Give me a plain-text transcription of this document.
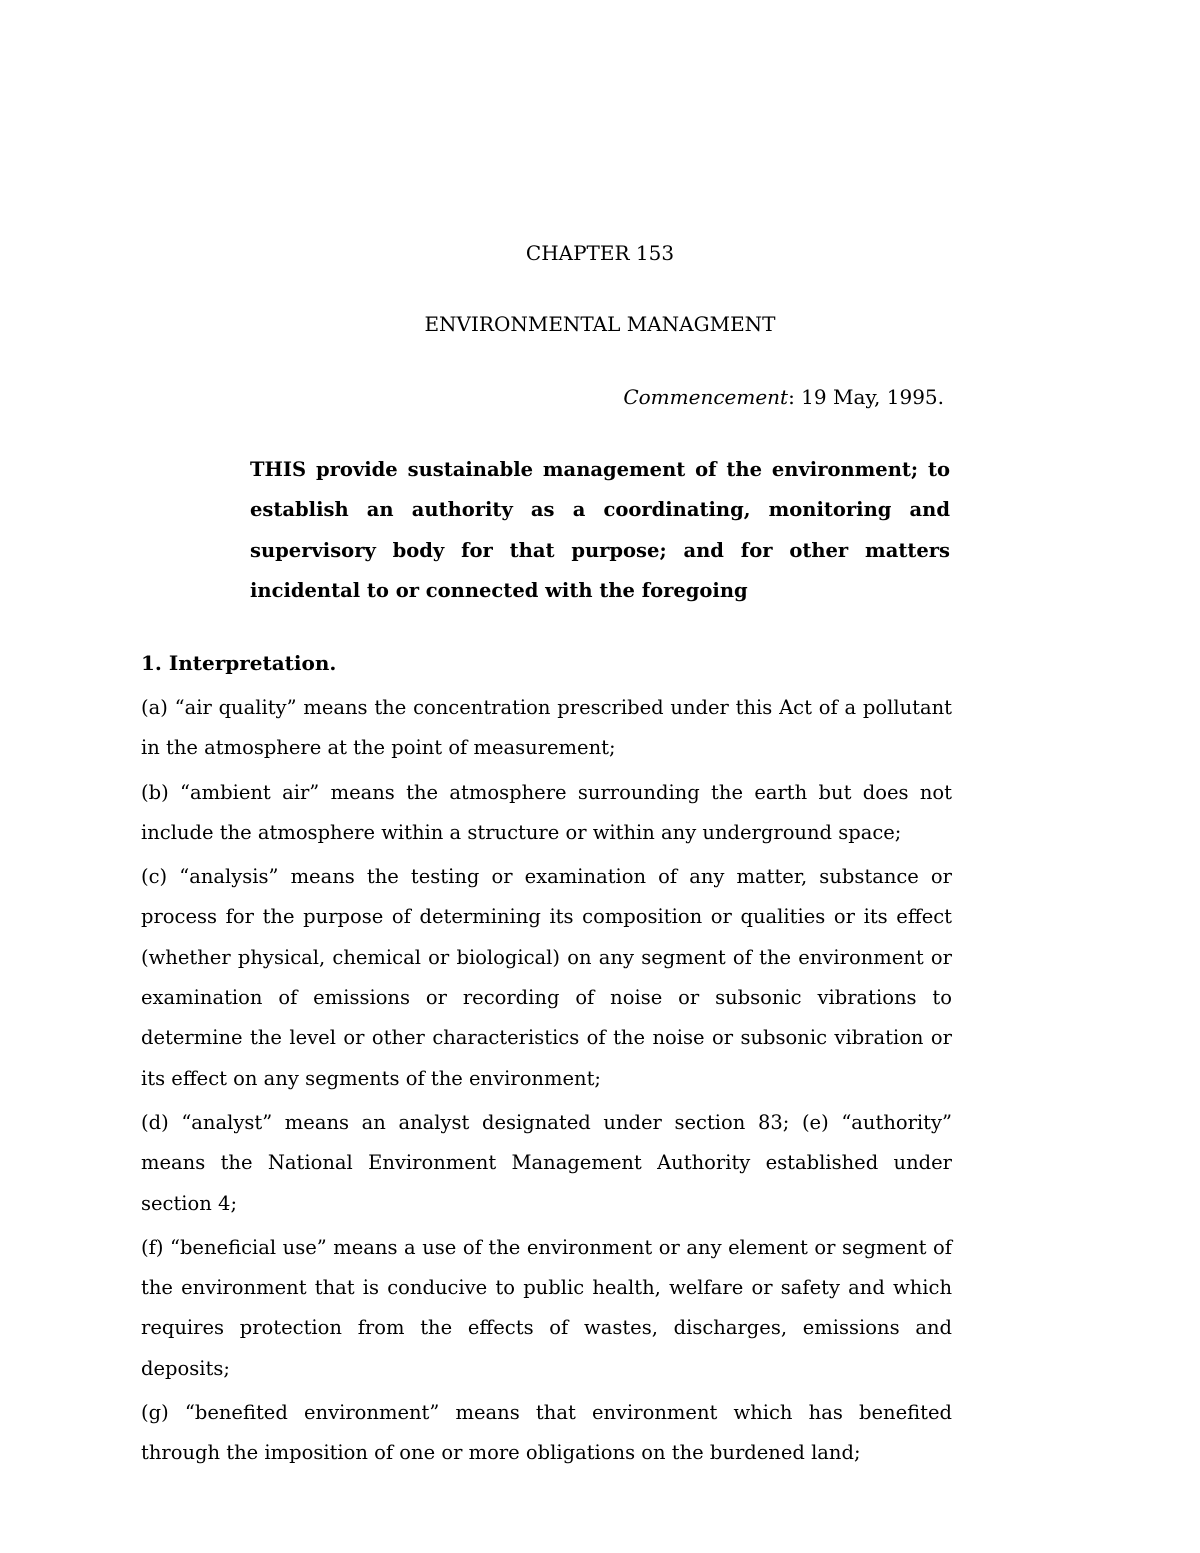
CHAPTER 153
ENVIRONMENTAL MANAGMENT
Commencement: 19 May, 1995.
THIS provide sustainable management of the environment; to establish an authority as a coordinating, monitoring and supervisory body for that purpose; and for other matters incidental to or connected with the foregoing
1. Interpretation.

(a) “air quality” means the concentration prescribed under this Act of a pollutant in the atmosphere at the point of measurement;

(b) “ambient air” means the atmosphere surrounding the earth but does not include the atmosphere within a structure or within any underground space;

(c) “analysis” means the testing or examination of any matter, substance or process for the purpose of determining its composition or qualities or its effect (whether physical, chemical or biological) on any segment of the environment or examination of emissions or recording of noise or subsonic vibrations to determine the level or other characteristics of the noise or subsonic vibration or its effect on any segments of the environment;

(d) “analyst” means an analyst designated under section 83; (e) “authority” means the National Environment Management Authority established under section 4;

(f) “beneficial use” means a use of the environment or any element or segment of the environment that is conducive to public health, welfare or safety and which requires protection from the effects of wastes, discharges, emissions and deposits;

(g) “benefited environment” means that environment which has benefited through the imposition of one or more obligations on the burdened land;
